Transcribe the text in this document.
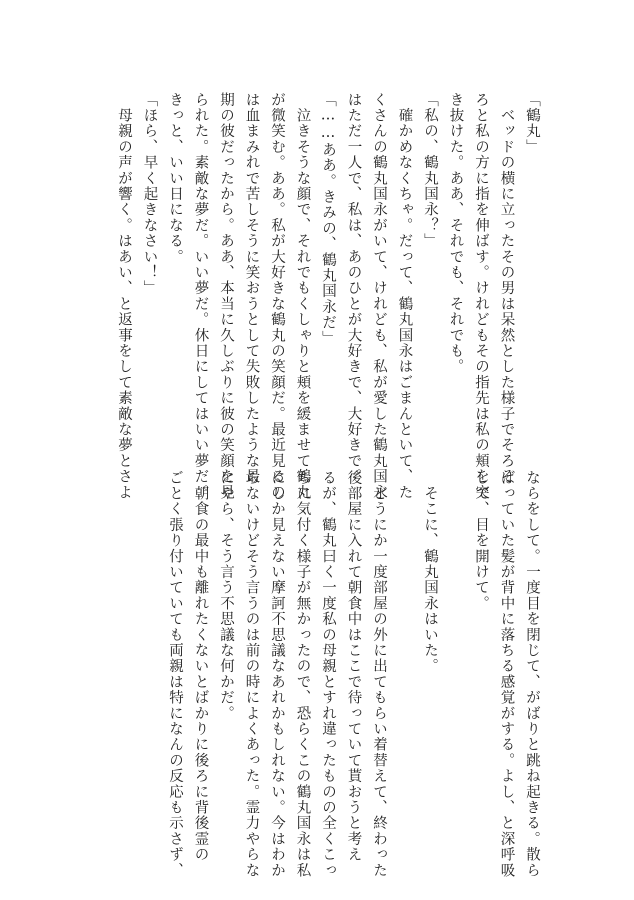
「鶴丸」
　ベッドの横に立ったその男は呆然とした様子でそろそ
ろと私の方に指を伸ばす。けれどもその指先は私の頬を突
き抜けた。ああ、それでも、それでも。
「私の、鶴丸国永？」
　確かめなくちゃ。だって、鶴丸国永はごまんといて、た
くさんの鶴丸国永がいて、けれども、私が愛した鶴丸国永
はただ一人で、私は、あのひとが大好きで、大好きで。
「……ああ。きみの、鶴丸国永だ」
　泣きそうな顔で、それでもくしゃりと頬を緩ませて鶴丸
が微笑む。ああ。私が大好きな鶴丸の笑顔だ。最近見るの
は血まみれで苦しそうに笑おうとして失敗したような最
期の彼だったから。ああ、本当に久しぶりに彼の笑顔を見
られた。素敵な夢だ。いい夢だ。休日にしてはいい夢だ。
きっと、いい日になる。
「ほら、早く起きなさい！」
　母親の声が響く。はあい、と返事をして素敵な夢とさよ
ならをして。一度目を閉じて、がばりと跳ね起きる。散ら
ばっていた髪が背中に落ちる感覚がする。よし、と深呼吸
して、目を開けて。
　そこに、鶴丸国永はいた。
　どうにか一度部屋の外に出てもらい着替えて、終わった
後部屋に入れて朝食中はここで待っていて貰おうと考え
るが、鶴丸曰く一度私の母親とすれ違ったものの全くこっ
ちに気付く様子が無かったので、恐らくこの鶴丸国永は私
にしか見えない摩訶不思議なあれかもしれない。今はわか
らないけどそう言うのは前の時によくあった。霊力やらな
にやら、そう言う不思議な何かだ。
　朝食の最中も離れたくないとばかりに後ろに背後霊の
ごとく張り付いていても両親は特になんの反応も示さず、
